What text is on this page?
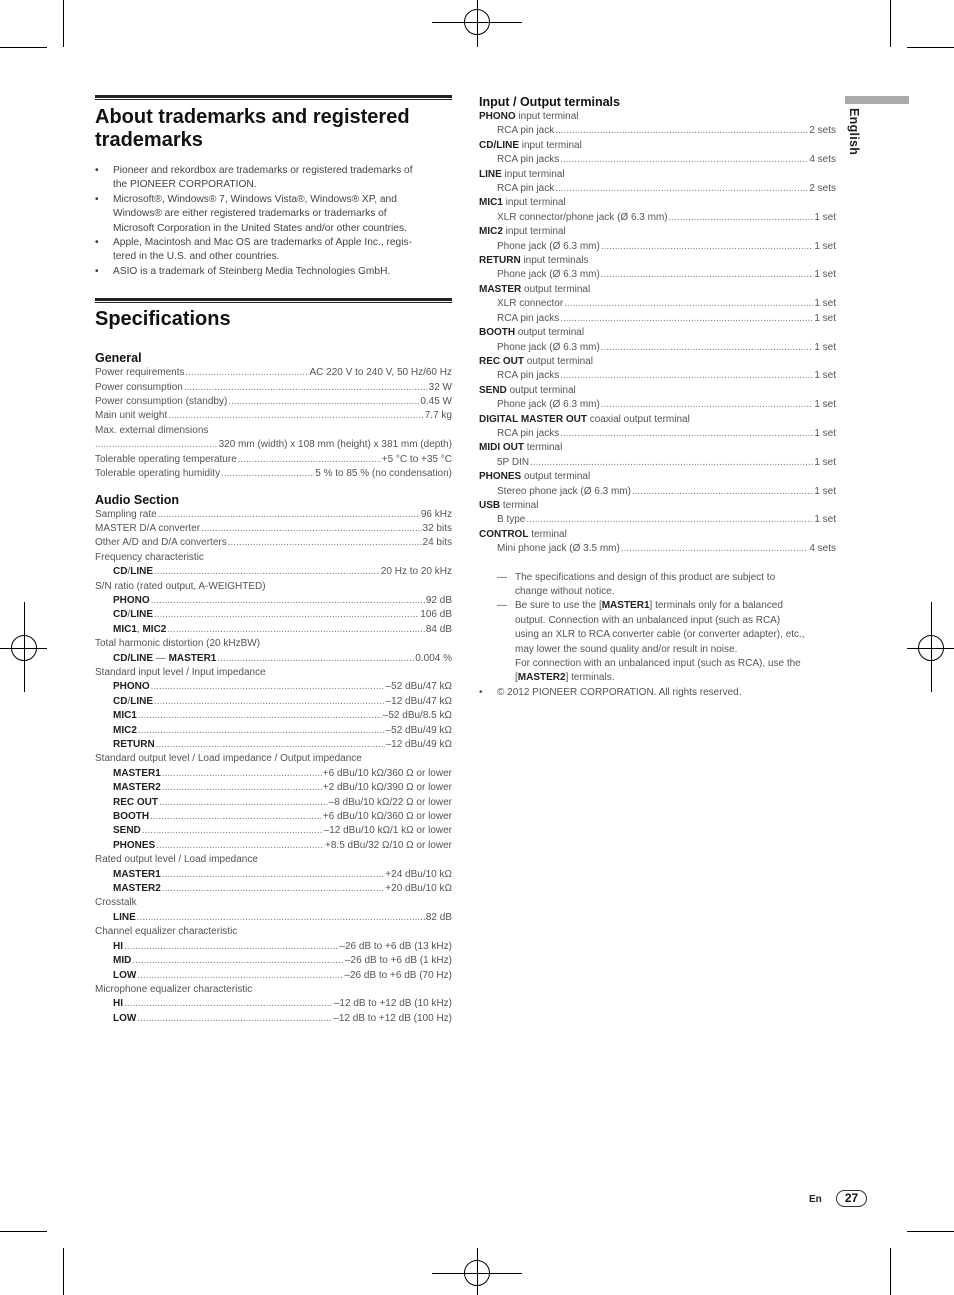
English
About trademarks and registered
trademarks
• Pioneer and rekordbox are trademarks or registered trademarks of
the PIONEER CORPORATION.
• Microsoft®, Windows® 7, Windows Vista®, Windows® XP, and
Windows® are either registered trademarks or trademarks of
Microsoft Corporation in the United States and/or other countries.
• Apple, Macintosh and Mac OS are trademarks of Apple Inc., regis-
tered in the U.S. and other countries.
• ASIO is a trademark of Steinberg Media Technologies GmbH.
Specifications
General
Power requirements .....	AC 220 V to 240 V, 50 Hz/60 Hz
Power consumption .....	32 W
Power consumption (standby) .....	0.45 W
Main unit weight .....	7.7 kg
Max. external dimensions
.....
320 mm (width) x 108 mm (height) x 381 mm (depth)
Tolerable operating temperature .....	+5 °C to +35 °C
Tolerable operating humidity .....	5 % to 85 % (no condensation)
Audio Section
Sampling rate .....	96 kHz
MASTER D/A converter .....	32 bits
Other A/D and D/A converters .....	24 bits
Frequency characteristic
CD/LINE .....	20 Hz to 20 kHz
S/N ratio (rated output, A-WEIGHTED)
PHONO .....	92 dB
CD/LINE .....	106 dB
MIC1, MIC2 .....	84 dB
Total harmonic distortion (20 kHzBW)
CD/LINE — MASTER1 .....	0.004 %
Standard input level / Input impedance
PHONO .....	–52 dBu/47 kΩ
CD/LINE .....	–12 dBu/47 kΩ
MIC1 .....	–52 dBu/8.5 kΩ
MIC2 .....	–52 dBu/49 kΩ
RETURN .....	–12 dBu/49 kΩ
Standard output level / Load impedance / Output impedance
MASTER1 .....	+6 dBu/10 kΩ/360 Ω or lower
MASTER2 .....	+2 dBu/10 kΩ/390 Ω or lower
REC OUT .....	–8 dBu/10 kΩ/22 Ω or lower
BOOTH .....	+6 dBu/10 kΩ/360 Ω or lower
SEND .....	–12 dBu/10 kΩ/1 kΩ or lower
PHONES .....	+8.5 dBu/32 Ω/10 Ω or lower
Rated output level / Load impedance
MASTER1 .....	+24 dBu/10 kΩ
MASTER2 .....	+20 dBu/10 kΩ
Crosstalk
LINE .....	82 dB
Channel equalizer characteristic
HI .....	–26 dB to +6 dB (13 kHz)
MID .....	–26 dB to +6 dB (1 kHz)
LOW .....	–26 dB to +6 dB (70 Hz)
Microphone equalizer characteristic
HI .....	–12 dB to +12 dB (10 kHz)
LOW .....	–12 dB to +12 dB (100 Hz)
Input / Output terminals
PHONO input terminal
RCA pin jack .....	2 sets
CD/LINE input terminal
RCA pin jacks .....	4 sets
LINE input terminal
RCA pin jack .....	2 sets
MIC1 input terminal
XLR connector/phone jack (Ø 6.3 mm) .....	1 set
MIC2 input terminal
Phone jack (Ø 6.3 mm) .....	1 set
RETURN input terminals
Phone jack (Ø 6.3 mm) .....	1 set
MASTER output terminal
XLR connector .....	1 set
RCA pin jacks .....	1 set
BOOTH output terminal
Phone jack (Ø 6.3 mm) .....	1 set
REC OUT output terminal
RCA pin jacks .....	1 set
SEND output terminal
Phone jack (Ø 6.3 mm) .....	1 set
DIGITAL MASTER OUT coaxial output terminal
RCA pin jacks .....	1 set
MIDI OUT terminal
5P DIN .....	1 set
PHONES output terminal
Stereo phone jack (Ø 6.3 mm) .....	1 set
USB terminal
B type .....	1 set
CONTROL terminal
Mini phone jack (Ø 3.5 mm) .....	4 sets
— The specifications and design of this product are subject to
change without notice.
— Be sure to use the [MASTER1] terminals only for a balanced
output. Connection with an unbalanced input (such as RCA)
using an XLR to RCA converter cable (or converter adapter), etc.,
may lower the sound quality and/or result in noise.
For connection with an unbalanced input (such as RCA), use the
[MASTER2] terminals.
• © 2012 PIONEER CORPORATION. All rights reserved.
En	27
